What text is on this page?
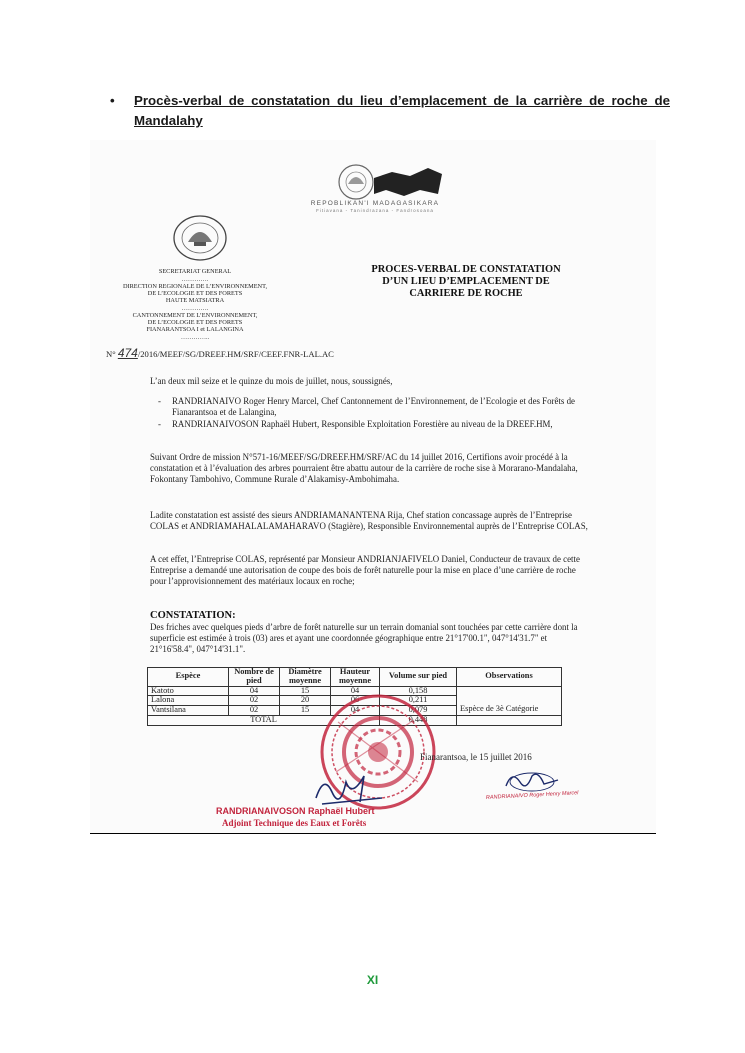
• Procès-verbal de constatation du lieu d’emplacement de la carrière de roche de Mandalahy
REPOBLIKAN'I MADAGASIKARA
Fitiavana - Tanindrazana - Fandrosoana
SECRETARIAT GENERAL
………….
DIRECTION REGIONALE DE L’ENVIRONNEMENT,
DE L’ECOLOGIE ET DES FORETS
HAUTE MATSIATRA
………….
CANTONNEMENT DE L’ENVIRONNEMENT,
DE L’ECOLOGIE ET DES FORETS
FIANARANTSOA I et LALANGINA
…………..
PROCES-VERBAL DE CONSTATATION
D’UN LIEU D’EMPLACEMENT DE
CARRIERE DE ROCHE
N° 474/2016/MEEF/SG/DREEF.HM/SRF/CEEF.FNR-LAL.AC
L’an deux mil seize et le quinze du mois de juillet, nous, soussignés,
- RANDRIANAIVO Roger Henry Marcel, Chef Cantonnement de l’Environnement, de l’Ecologie et des Forêts de Fianarantsoa et de Lalangina,
- RANDRIANAIVOSON Raphaël Hubert, Responsible Exploitation Forestière au niveau de la DREEF.HM,
Suivant Ordre de mission N°571-16/MEEF/SG/DREEF.HM/SRF/AC du 14 juillet 2016, Certifions avoir procédé à la constatation et à l’évaluation des arbres pourraient être abattu autour de la carrière de roche sise à Morarano-Mandalaha, Fokontany Tambohivo, Commune Rurale d’Alakamisy-Ambohimaha.
Ladite constatation est assisté des sieurs ANDRIAMANANTENA Rija, Chef station concassage auprès de l’Entreprise COLAS et ANDRIAMAHALALAMAHARAVO (Stagière), Responsible Environnemental auprès de l’Entreprise COLAS,
A cet effet, l’Entreprise COLAS, représenté par Monsieur ANDRIANJAFIVELO Daniel, Conducteur de travaux de cette Entreprise a demandé une autorisation de coupe des bois de forêt naturelle pour la mise en place d’une carrière de roche pour l’approvisionnement des matériaux locaux en roche;
CONSTATATION:
Des friches avec quelques pieds d’arbre de forêt naturelle sur un terrain domanial sont touchées par cette carrière dont la superficie est estimée à trois (03) ares et ayant une coordonnée géographique entre 21°17'00.1", 047°14'31.7" et 21°16'58.4", 047°14'31.1".
Espèce	Nombre de pied	Diamètre moyenne	Hauteur moyenne	Volume sur pied	Observations
Katoto	04	15	04	0,158	Espèce de 3è Catégorie
Lalona	02	20	06	0,211	
Vantsilana	02	15	04	0,079	
TOTAL				0,448	
Fianarantsoa, le 15 juillet 2016
RANDRIANAIVOSON Raphaël Hubert
Adjoint Technique des Eaux et Forêts
RANDRIANAIVO Roger Henry Marcel
XI
